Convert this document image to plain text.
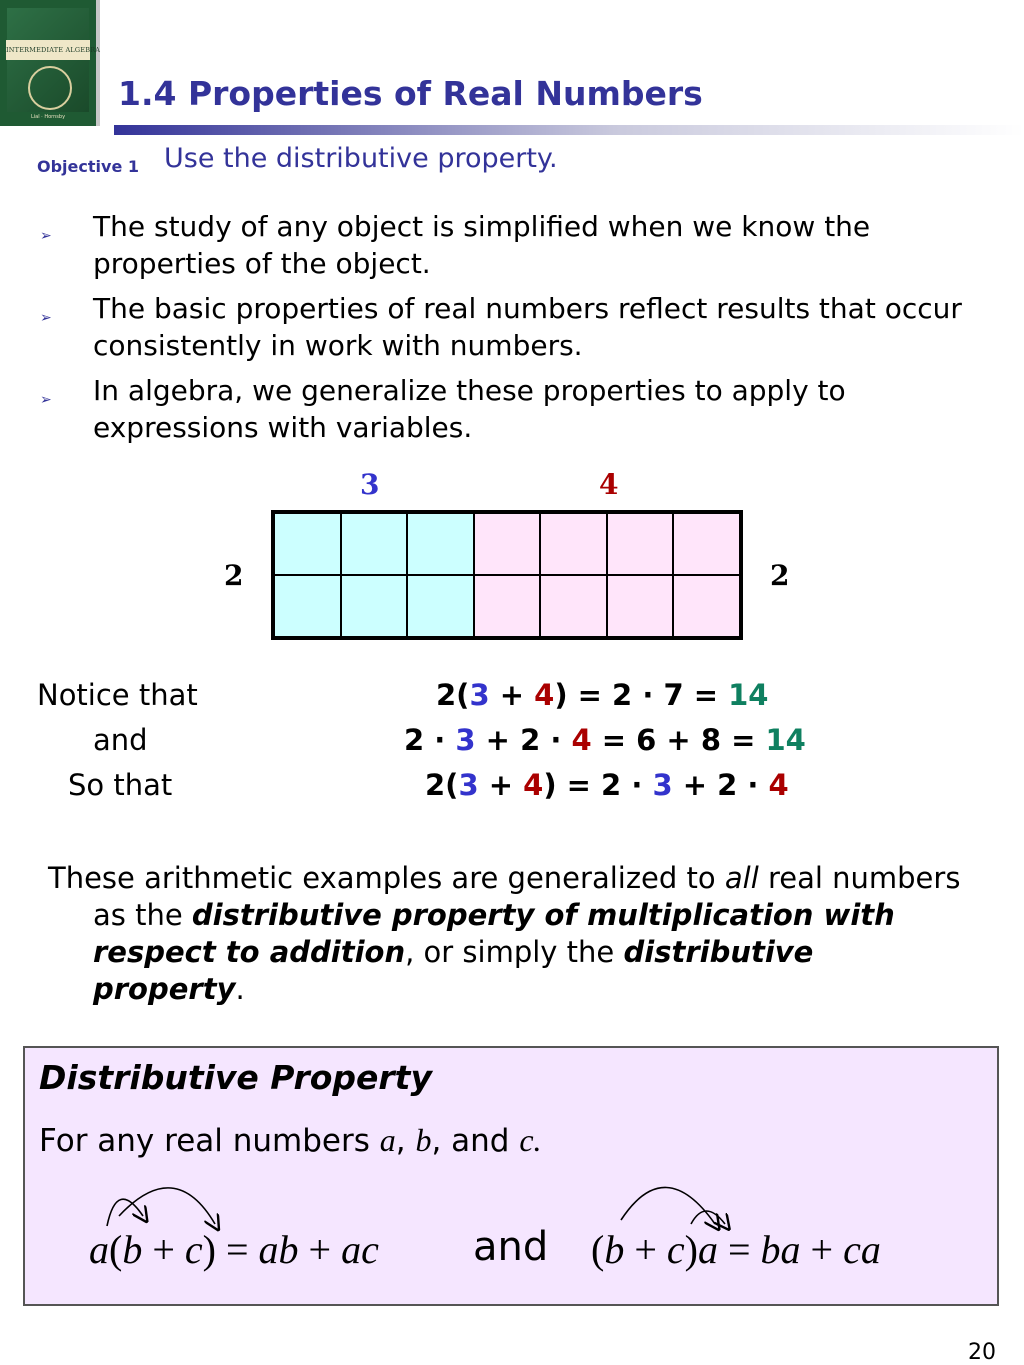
INTERMEDIATE ALGEBRA
Lial · Hornsby
1.4 Properties of Real Numbers
Objective 1 Use the distributive property.
➢ The study of any object is simplified when we know the properties of the object.
➢ The basic properties of real numbers reflect results that occur consistently in work with numbers.
➢ In algebra, we generalize these properties to apply to expressions with variables.
3	4
2	2
Notice that	2(3 + 4) = 2 · 7 = 14
and	2 · 3 + 2 · 4 = 6 + 8 = 14
So that	2(3 + 4) = 2 · 3 + 2 · 4
These arithmetic examples are generalized to all real numbers
as the distributive property of multiplication with
respect to addition, or simply the distributive
property.
Distributive Property
For any real numbers a, b, and c.
a(b + c) = ab + ac and (b + c)a = ba + ca
20
